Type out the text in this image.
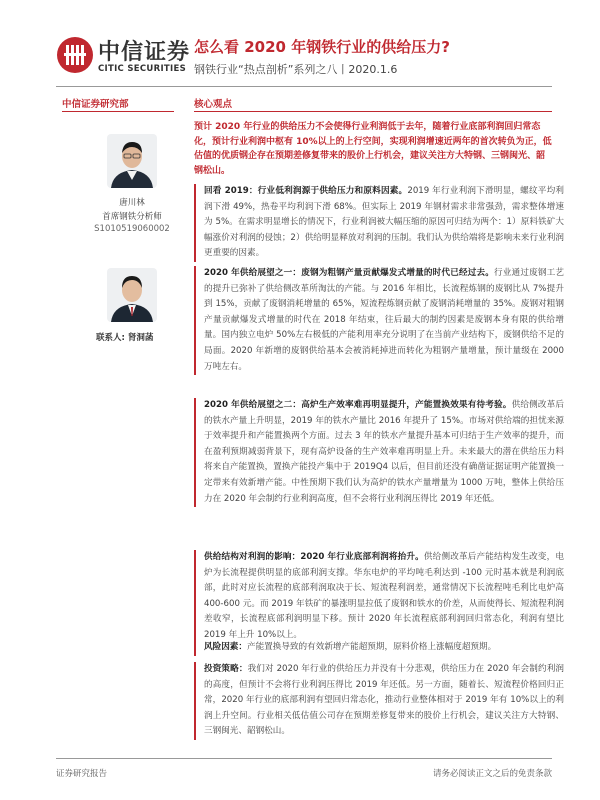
中信证券
CITIC SECURITIES
怎么看 2020 年钢铁行业的供给压力?
钢铁行业“热点剖析”系列之八丨2020.1.6
中信证券研究部
唐川林
首席钢铁分析师
S1010519060002
联系人: 肾洞菡
核心观点
预计 2020 年行业的供给压力不会使得行业利润低于去年，随着行业底部利润回归常态化，预计行业利润中枢有 10%以上的上行空间，实现利润增速近两年的首次转负为正，低估值的优质钢企存在预期差修复带来的股价上行机会，建议关注方大特钢、三钢闽光、韶钢松山。
回看 2019：行业低利润源于供给压力和原料因素。2019 年行业利润下滑明显，螺纹平均利润下滑 49%，热卷平均利润下滑 68%。但实际上 2019 年钢材需求非常强劲，需求整体增速为 5%。在需求明显增长的情况下，行业利润被大幅压缩的原因可归结为两个：1）原料铁矿大幅涨价对利润的侵蚀；2）供给明显释放对利润的压制。我们认为供给端将是影响未来行业利润更重要的因素。
2020 年供给展望之一：废钢为粗钢产量贡献爆发式增量的时代已经过去。行业通过废钢工艺的提升已弥补了供给侧改革所淘汰的产能。与 2016 年相比，长流程炼钢的废钢比从 7%提升到 15%，贡献了废钢消耗增量的 65%，短流程炼钢贡献了废钢消耗增量的 35%。废钢对粗钢产量贡献爆发式增量的时代在 2018 年结束，往后最大的制约因素是废钢本身有限的供给增量。国内独立电炉 50%左右极低的产能利用率充分说明了在当前产业结构下，废钢供给不足的局面。2020 年新增的废钢供给基本会被消耗掉进而转化为粗钢产量增量，预计量级在 2000 万吨左右。
2020 年供给展望之二：高炉生产效率难再明显提升，产能置换效果有待考验。供给侧改革后的铁水产量上升明显，2019 年的铁水产量比 2016 年提升了 15%。市场对供给端的担忧来源于效率提升和产能置换两个方面。过去 3 年的铁水产量提升基本可归结于生产效率的提升，而在盈利预期减弱背景下，现有高炉设备的生产效率难再明显上升。未来最大的潜在供给压力料将来自产能置换，置换产能投产集中于 2019Q4 以后，但目前还没有确凿证据证明产能置换一定带来有效新增产能。中性预期下我们认为高炉的铁水产量增量为 1000 万吨，整体上供给压力在 2020 年会制约行业利润高度，但不会将行业利润压得比 2019 年还低。
供给结构对利润的影响：2020 年行业底部利润将抬升。供给侧改革后产能结构发生改变，电炉为长流程提供明显的底部利润支撑。华东电炉的平均吨毛利达到 -100 元时基本就是利润底部，此时对应长流程的底部利润取决于长、短流程利润差，通常情况下长流程吨毛利比电炉高 400-600 元。而 2019 年铁矿的暴涨明显拉低了废钢和铁水的价差，从而使得长、短流程利润差收窄，长流程底部利润明显下移。预计 2020 年长流程底部利润回归常态化，利润有望比 2019 年上升 10%以上。
风险因素：产能置换导致的有效新增产能超预期，原料价格上涨幅度超预期。
投资策略：我们对 2020 年行业的供给压力并没有十分悲观，供给压力在 2020 年会制约利润的高度，但预计不会将行业利润压得比 2019 年还低。另一方面，随着长、短流程价格回归正常，2020 年行业的底部利润有望回归常态化，推动行业整体相对于 2019 年有 10%以上的利润上升空间。行业相关低估值公司存在预期差修复带来的股价上行机会，建议关注方大特钢、三钢闽光、韶钢松山。
证券研究报告	请务必阅读正文之后的免责条款
